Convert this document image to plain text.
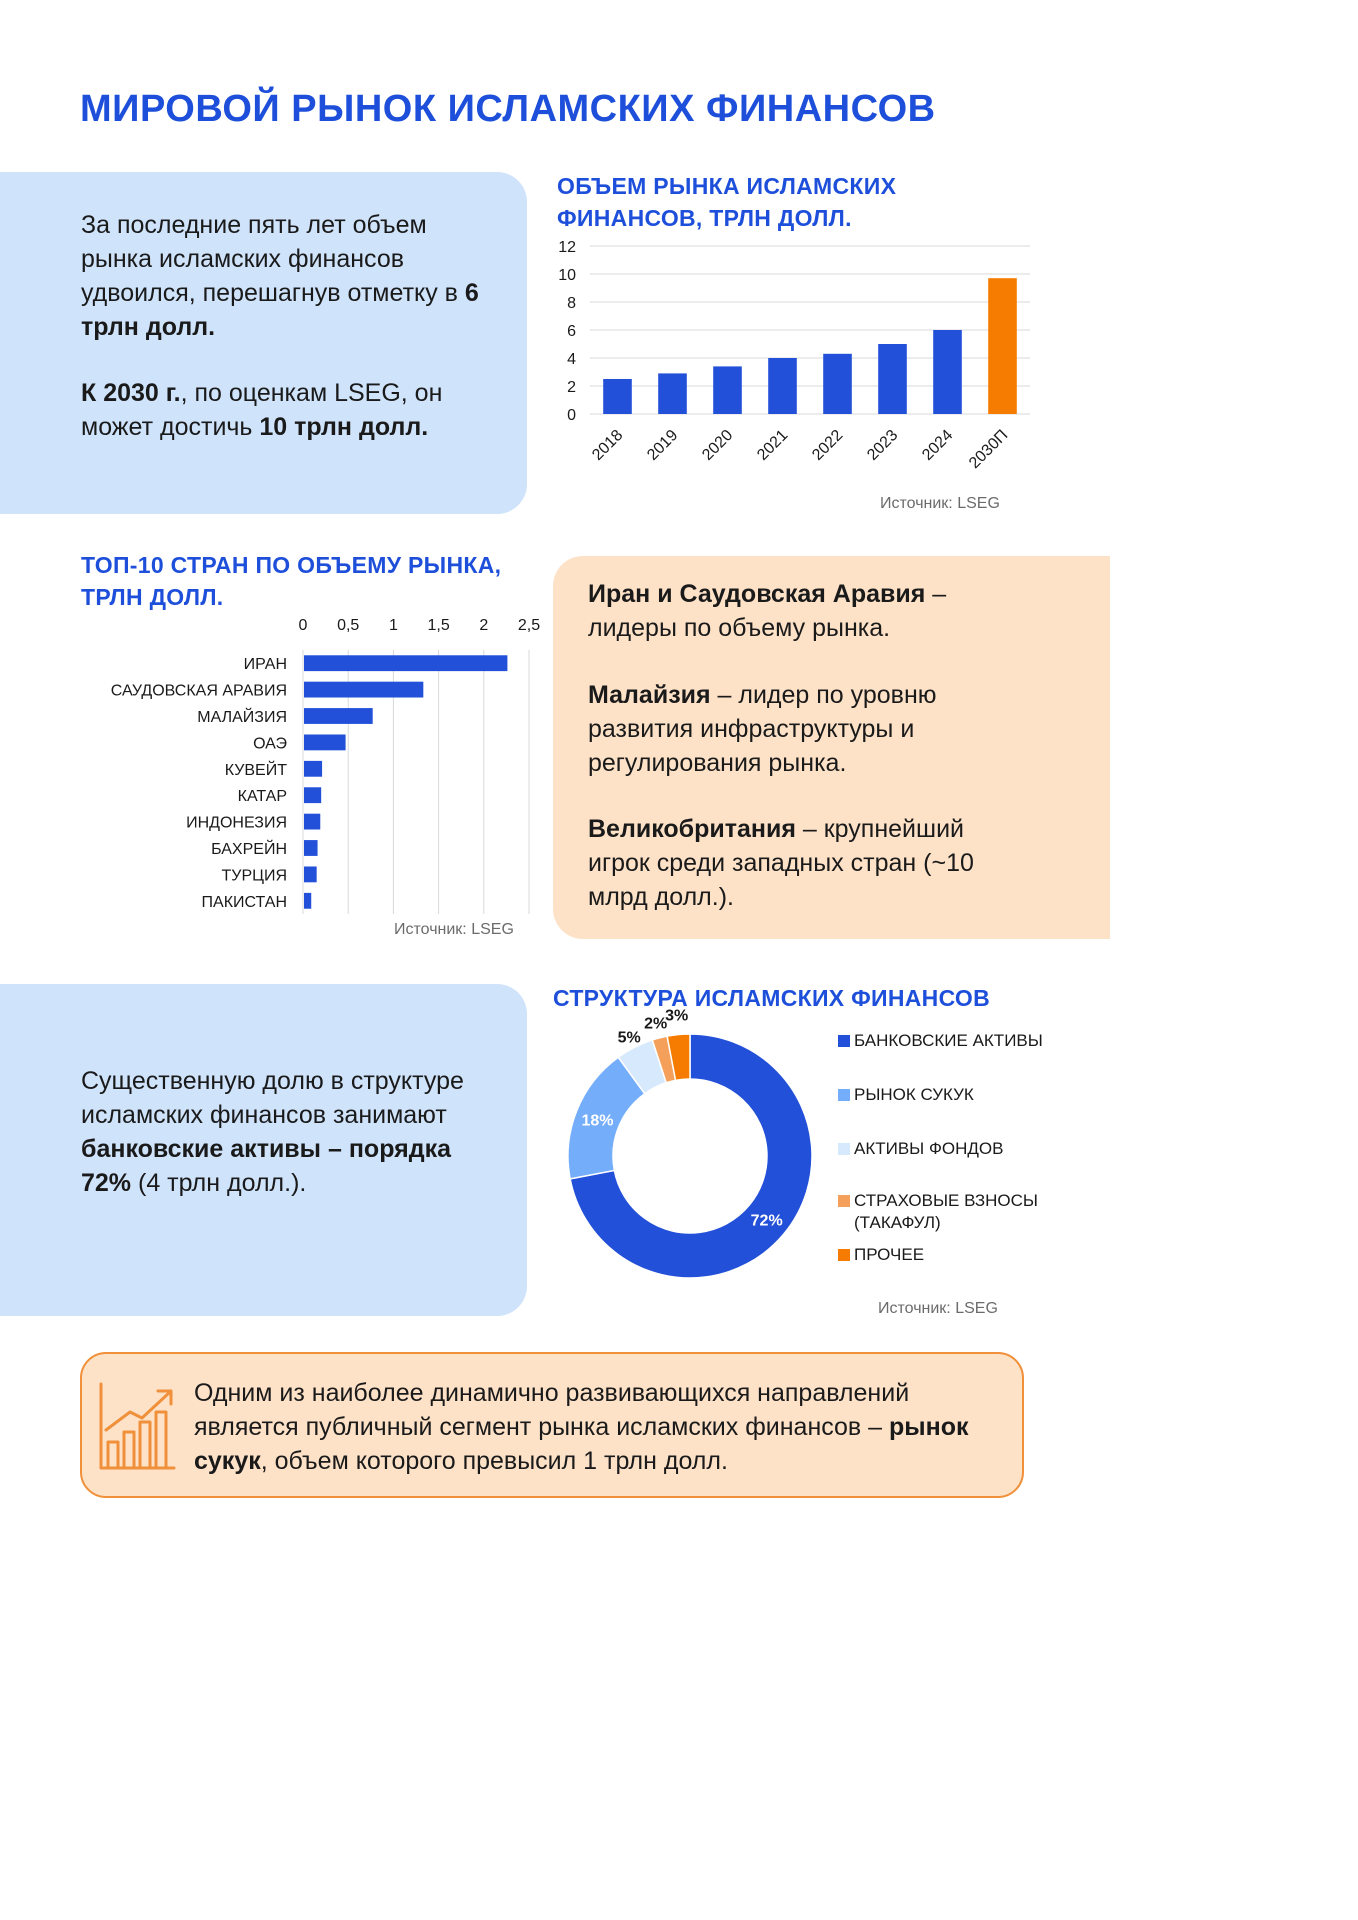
МИРОВОЙ РЫНОК ИСЛАМСКИХ ФИНАНСОВ

За последние пять лет объем рынка исламских финансов удвоился, перешагнув отметку в 6 трлн долл.

К 2030 г., по оценкам LSEG, он может достичь 10 трлн долл.

ОБЪЕМ РЫНКА ИСЛАМСКИХ ФИНАНСОВ, ТРЛН ДОЛЛ.
0
2
4
6
8
10
12
2018 2019 2020 2021 2022 2023 2024 2030П
Источник: LSEG
ТОП-10 СТРАН ПО ОБЪЕМУ РЫНКА, ТРЛН ДОЛЛ.
0 0,5 1 1,5 2 2,5
ИРАН
САУДОВСКАЯ АРАВИЯ
МАЛАЙЗИЯ
ОАЭ
КУВЕЙТ
КАТАР
ИНДОНЕЗИЯ
БАХРЕЙН
ТУРЦИЯ
ПАКИСТАН
Источник: LSEG

Иран и Саудовская Аравия – лидеры по объему рынка.

Малайзия – лидер по уровню развития инфраструктуры и регулирования рынка.

Великобритания – крупнейший игрок среди западных стран (~10 млрд долл.).

Существенную долю в структуре исламских финансов занимают банковские активы – порядка 72% (4 трлн долл.).

СТРУКТУРА ИСЛАМСКИХ ФИНАНСОВ
72%
18%
5%
2%
3%
БАНКОВСКИЕ АКТИВЫ
РЫНОК СУКУК
АКТИВЫ ФОНДОВ
СТРАХОВЫЕ ВЗНОСЫ (ТАКАФУЛ)
ПРОЧЕЕ
Источник: LSEG

Одним из наиболее динамично развивающихся направлений является публичный сегмент рынка исламских финансов – рынок сукук, объем которого превысил 1 трлн долл.
